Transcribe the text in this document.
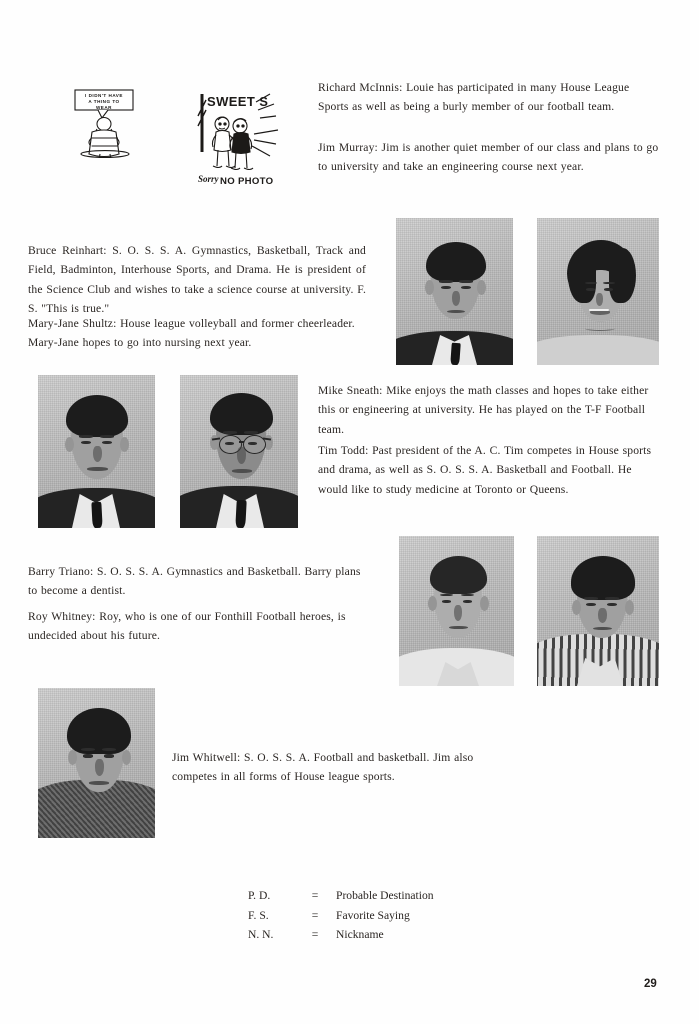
I DIDN'T HAVE
A THING TO
WEAR	SWEET S
Sorry NO PHOTO
Richard McInnis: Louie has participated in many House League Sports as well as being a burly member of our football team.
Jim Murray: Jim is another quiet member of our class and plans to go to university and take an engineering course next year.
Bruce Reinhart: S. O. S. S. A. Gymnastics, Basketball, Track and Field, Badminton, Interhouse Sports, and Drama. He is president of the Science Club and wishes to take a science course at university. F. S. "This is true."
Mary-Jane Shultz: House league volleyball and former cheerleader. Mary-Jane hopes to go into nursing next year.
Mike Sneath: Mike enjoys the math classes and hopes to take either this or engineering at university. He has played on the T-F Football team.
Tim Todd: Past president of the A. C. Tim competes in House sports and drama, as well as S. O. S. S. A. Basketball and Football. He would like to study medicine at Toronto or Queens.
Barry Triano: S. O. S. S. A. Gymnastics and Basketball. Barry plans to become a dentist.
Roy Whitney: Roy, who is one of our Fonthill Football heroes, is undecided about his future.
Jim Whitwell: S. O. S. S. A. Football and basketball. Jim also competes in all forms of House league sports.
P. D.	=	Probable Destination
F. S.	=	Favorite Saying
N. N.	=	Nickname
29
